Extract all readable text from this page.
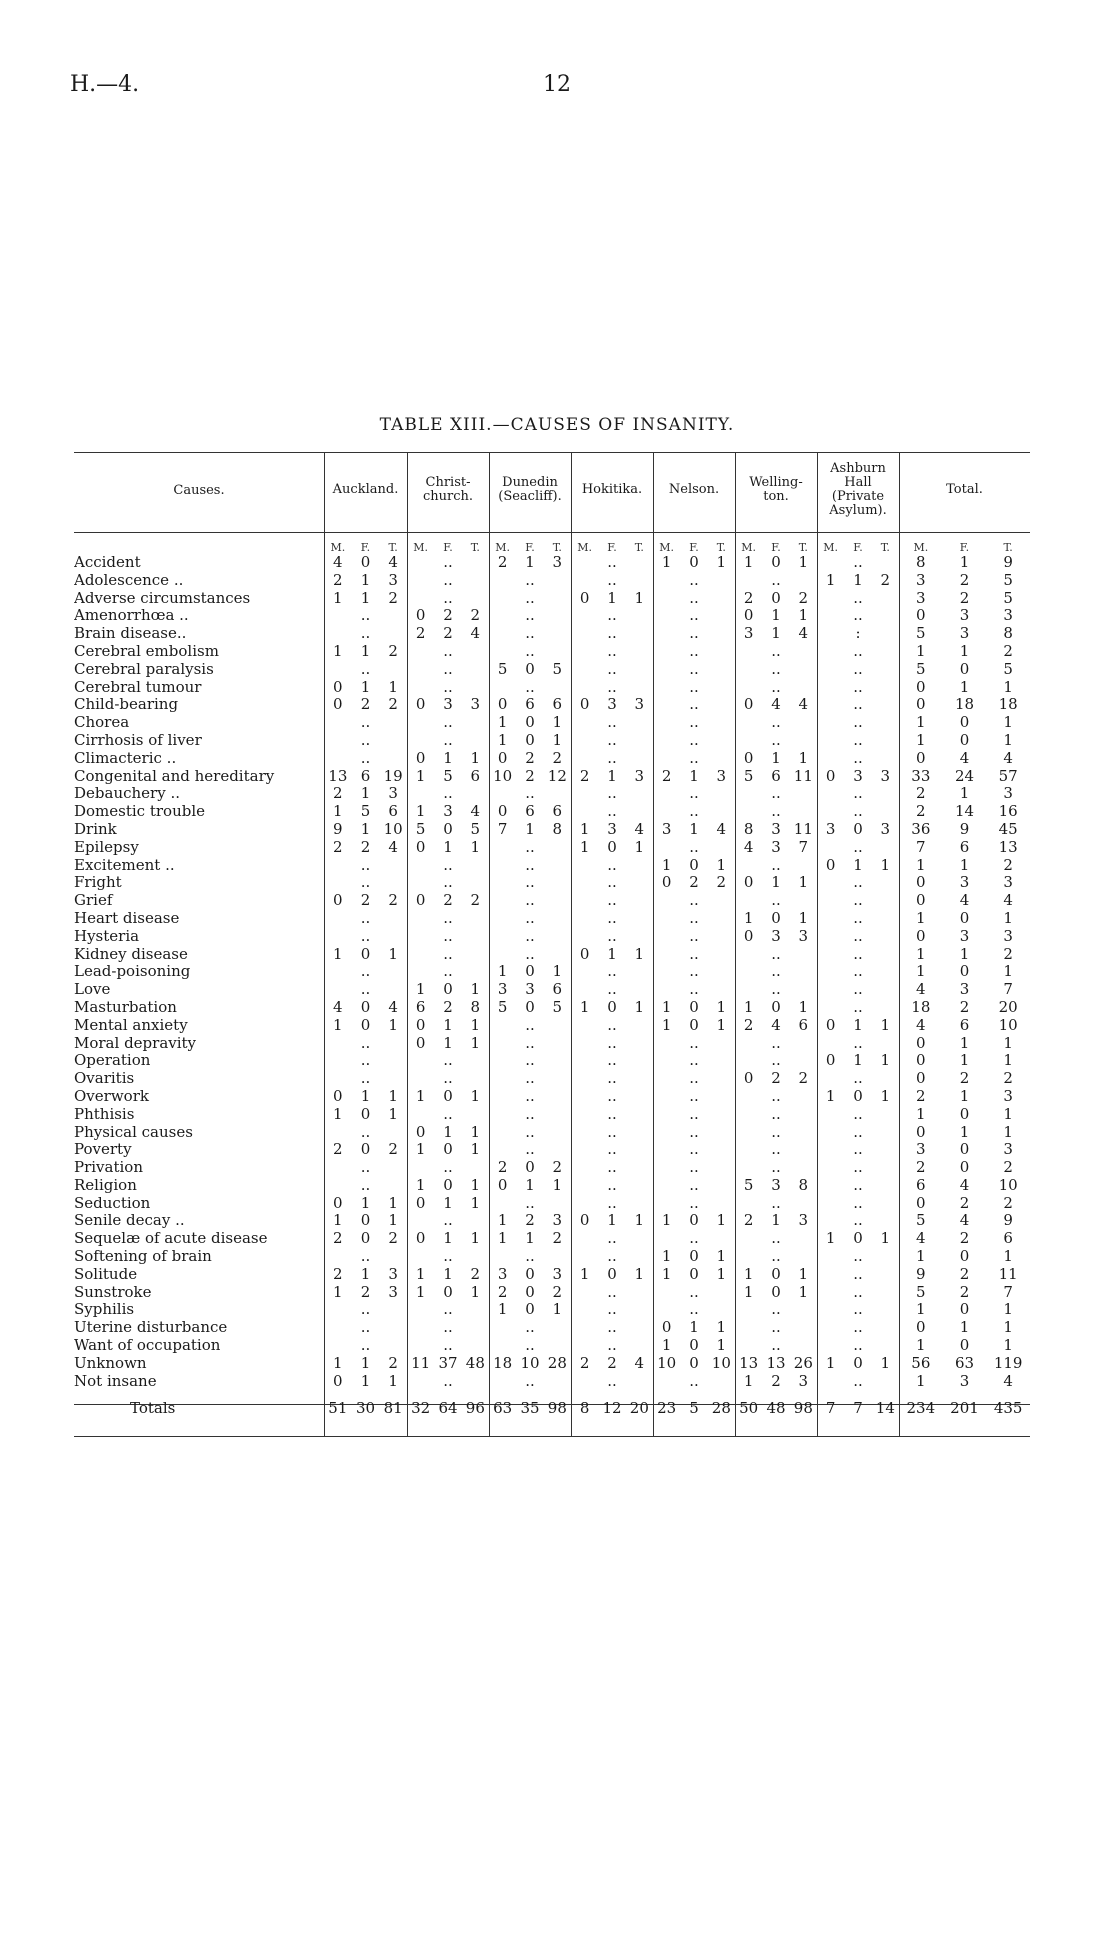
H.—4.	12
TABLE XIII.—CAUSES OF INSANITY.
Causes.	Auckland.
M.	F.	T.
Christ-
church.
M.	F.	T.
Dunedin
(Seacliff).
M.	F.	T.
Hokitika.
M.	F.	T.
Nelson.
M.	F.	T.
Welling-
ton.
M.	F.	T.
Ashburn
Hall
(Private
Asylum).
M.	F.	T.
Total.
M.	F.	T.

Accident	4	0	4	..			2	1	3	..			1	0	1	1	0	1	..			8	1	9
Adolescence ..	2	1	3	..			..			..			..			..			1	1	2	3	2	5
Adverse circumstances	1	1	2	..			..			0	1	1	..			2	0	2	..			3	2	5
Amenorrhœa ..	..			0	2	2	..			..			..			0	1	1	..			0	3	3
Brain disease..	..			2	2	4	..			..			..			3	1	4	:			5	3	8
Cerebral embolism	1	1	2	..			..			..			..			..			..			1	1	2
Cerebral paralysis	..			..			5	0	5	..			..			..			..			5	0	5
Cerebral tumour	0	1	1	..			..			..			..			..			..			0	1	1
Child-bearing	0	2	2	0	3	3	0	6	6	0	3	3	..			0	4	4	..			0	18	18
Chorea	..			..			1	0	1	..			..			..			..			1	0	1
Cirrhosis of liver	..			..			1	0	1	..			..			..			..			1	0	1
Climacteric ..	..			0	1	1	0	2	2	..			..			0	1	1	..			0	4	4
Congenital and hereditary	13	6	19	1	5	6	10	2	12	2	1	3	2	1	3	5	6	11	0	3	3	33	24	57
Debauchery ..	2	1	3	..			..			..			..			..			..			2	1	3
Domestic trouble	1	5	6	1	3	4	0	6	6	..			..			..			..			2	14	16
Drink	9	1	10	5	0	5	7	1	8	1	3	4	3	1	4	8	3	11	3	0	3	36	9	45
Epilepsy	2	2	4	0	1	1	..			1	0	1	..			4	3	7	..			7	6	13
Excitement ..	..			..			..			..			1	0	1	..			0	1	1	1	1	2
Fright	..			..			..			..			0	2	2	0	1	1	..			0	3	3
Grief	0	2	2	0	2	2	..			..			..			..			..			0	4	4
Heart disease	..			..			..			..			..			1	0	1	..			1	0	1
Hysteria	..			..			..			..			..			0	3	3	..			0	3	3
Kidney disease	1	0	1	..			..			0	1	1	..			..			..			1	1	2
Lead-poisoning	..			..			1	0	1	..			..			..			..			1	0	1
Love	..			1	0	1	3	3	6	..			..			..			..			4	3	7
Masturbation	4	0	4	6	2	8	5	0	5	1	0	1	1	0	1	1	0	1	..			18	2	20
Mental anxiety	1	0	1	0	1	1	..			..			1	0	1	2	4	6	0	1	1	4	6	10
Moral depravity	..			0	1	1	..			..			..			..			..			0	1	1
Operation	..			..			..			..			..			..			0	1	1	0	1	1
Ovaritis	..			..			..			..			..			0	2	2	..			0	2	2
Overwork	0	1	1	1	0	1	..			..			..			..			1	0	1	2	1	3
Phthisis	1	0	1	..			..			..			..			..			..			1	0	1
Physical causes	..			0	1	1	..			..			..			..			..			0	1	1
Poverty	2	0	2	1	0	1	..			..			..			..			..			3	0	3
Privation	..			..			2	0	2	..			..			..			..			2	0	2
Religion	..			1	0	1	0	1	1	..			..			5	3	8	..			6	4	10
Seduction	0	1	1	0	1	1	..			..			..			..			..			0	2	2
Senile decay ..	1	0	1	..			1	2	3	0	1	1	1	0	1	2	1	3	..			5	4	9
Sequelæ of acute disease	2	0	2	0	1	1	1	1	2	..			..			..			1	0	1	4	2	6
Softening of brain	..			..			..			..			1	0	1	..			..			1	0	1
Solitude	2	1	3	1	1	2	3	0	3	1	0	1	1	0	1	1	0	1	..			9	2	11
Sunstroke	1	2	3	1	0	1	2	0	2	..			..			1	0	1	..			5	2	7
Syphilis	..			..			1	0	1	..			..			..			..			1	0	1
Uterine disturbance	..			..			..			..			0	1	1	..			..			0	1	1
Want of occupation	..			..			..			..			1	0	1	..			..			1	0	1
Unknown	1	1	2	11	37	48	18	10	28	2	2	4	10	0	10	13	13	26	1	0	1	56	63	119
Not insane	0	1	1	..			..			..			..			1	2	3	..			1	3	4

Totals	51	30	81	32	64	96	63	35	98	8	12	20	23	5	28	50	48	98	7	7	14	234	201	435
